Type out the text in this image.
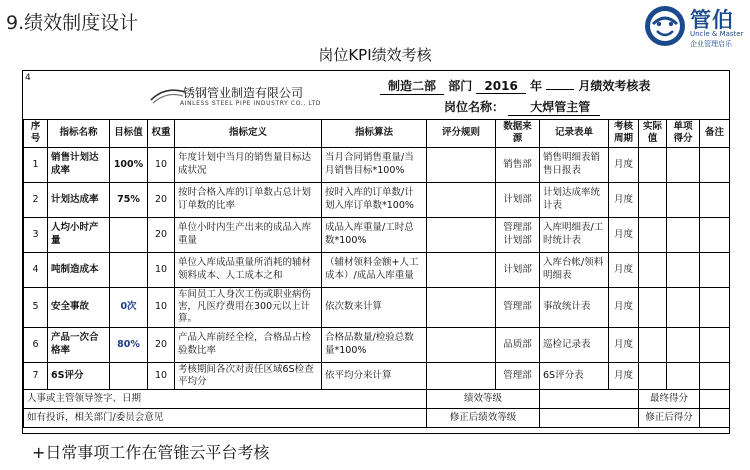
9.绩效制度设计	管伯
Uncle & Master
企业管理启乐
岗位KPI绩效考核
4
锈钢管业制造有限公司
AINLESS STEEL PIPE INDUSTRY CO., LTD
制造二部 部门 2016 年	月绩效考核表
岗位名称： 大焊管主管
序号	指标名称	目标值	权重	指标定义	指标算法	评分规则	数据来源	记录表单	考核周期	实际值	单项得分	备注
1	销售计划达成率	100%	10	年度计划中当月的销售量目标达成状况	当月合同销售重量/当月销售目标*100%		销售部	销售明细表销售日报表	月度			
2	计划达成率	75%	20	按时合格入库的订单数占总计划订单数的比率	按时入库的订单数/计划入库订单数*100%		计划部	计划达成率统计表	月度			
3	人均小时产量		20	单位小时内生产出来的成品入库重量	成品入库重量/工时总数*100%		管理部计划部	入库明细表/工时统计表	月度			
4	吨制造成本		10	单位入库成品重量所消耗的辅材领料成本、人工成本之和	（辅材领料金额+人工成本）/成品入库重量		计划部	入库台帐/领料明细表	月度			
5	安全事故	0次	10	车间员工人身次工伤或职业病伤害，凡医疗费用在300元以上计算。	依次数来计算		管理部	事故统计表	月度			
6	产品一次合格率	80%	20	产品入库前经全检，合格品占检验数比率	合格品数量/检验总数量*100%		品质部	巡检记录表	月度			
7	6S评分		10	考核期间各次对责任区域6S检查平均分	依平均分来计算		管理部	6S评分表	月度			
人事或主管领导签字、日期						绩效等级				最终得分		
如有投诉，相关部门/委员会意见						修正后绩效等级				修正后得分		
+日常事项工作在管锥云平台考核
